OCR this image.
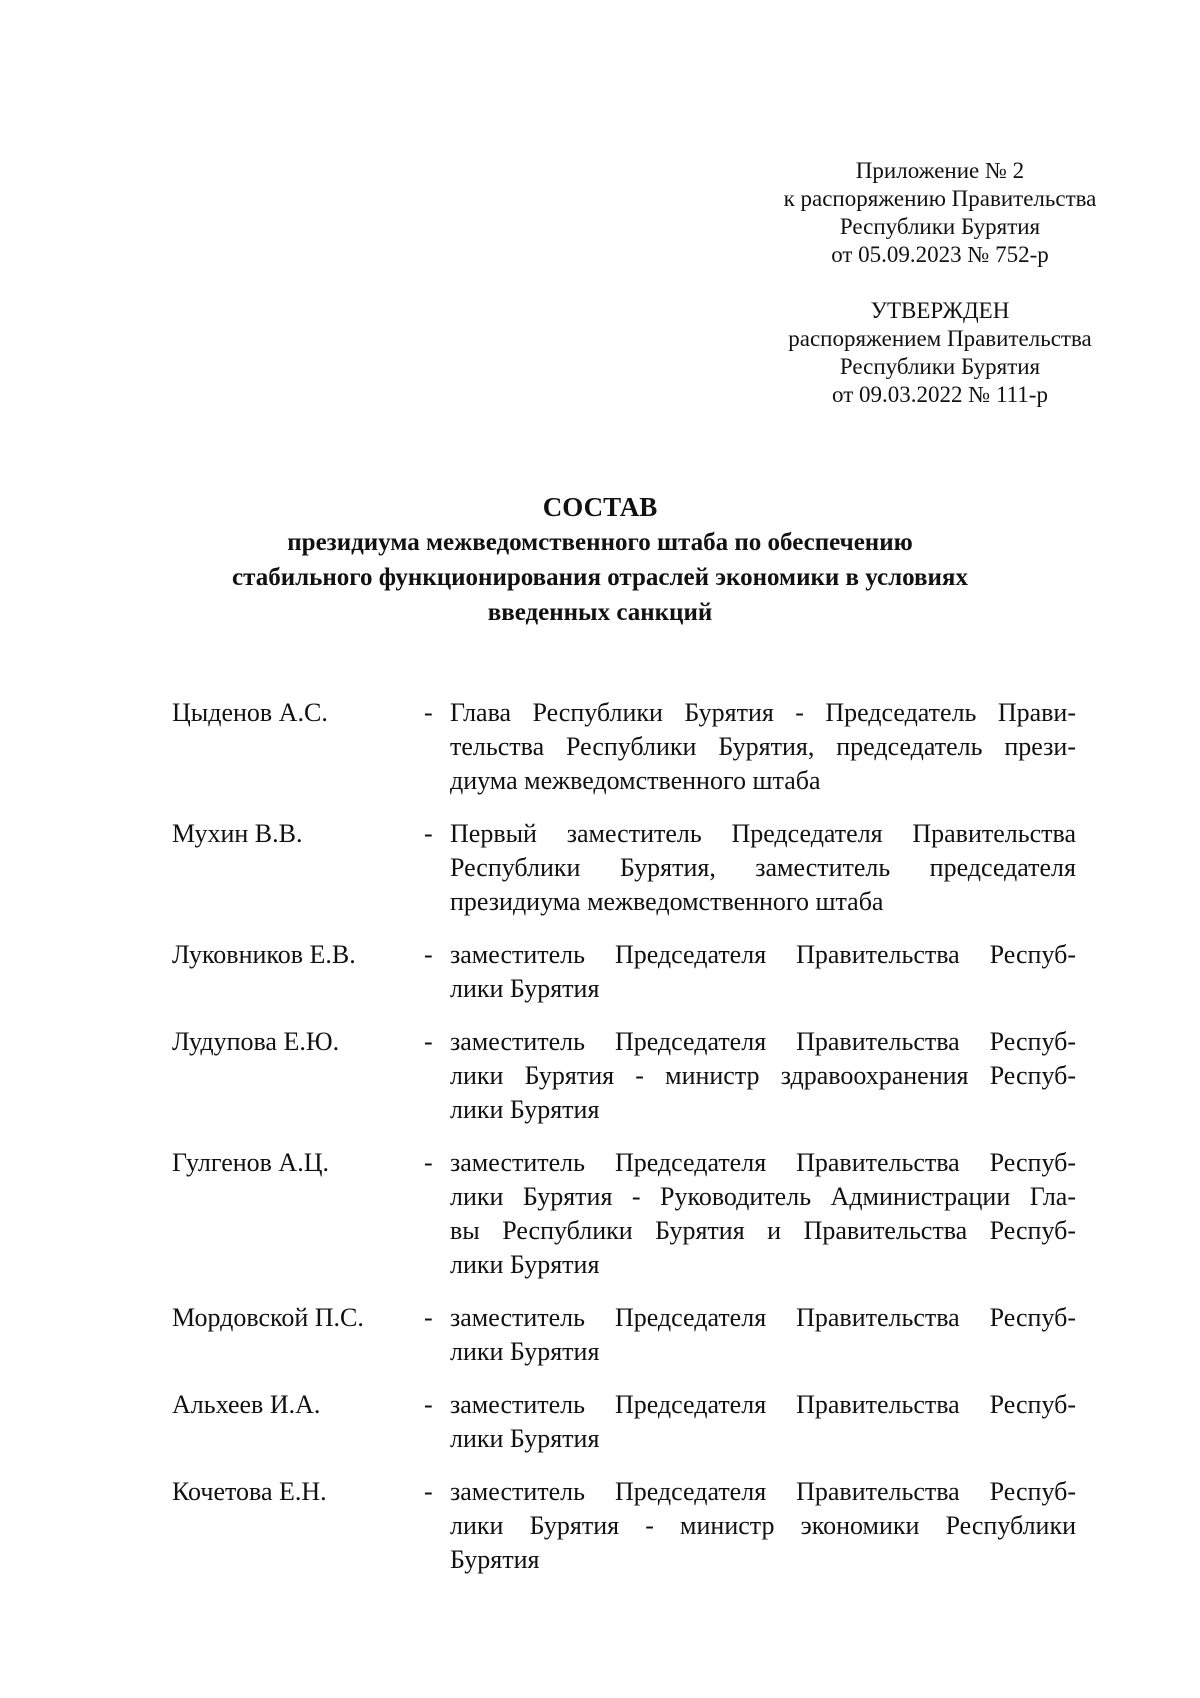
Приложение № 2
к распоряжению Правительства
Республики Бурятия
от 05.09.2023 № 752-р
УТВЕРЖДЕН
распоряжением Правительства
Республики Бурятия
от 09.03.2022 № 111-р
СОСТАВ
президиума межведомственного штаба по обеспечению
стабильного функционирования отраслей экономики в условиях
введенных санкций
Цыденов А.С.	- Глава Республики Бурятия - Председатель Прави-
тельства Республики Бурятия, председатель прези-
диума межведомственного штаба
Мухин В.В.	- Первый заместитель Председателя Правительства
Республики Бурятия, заместитель председателя
президиума межведомственного штаба
Луковников Е.В.	- заместитель Председателя Правительства Респуб-
лики Бурятия
Лудупова Е.Ю.	- заместитель Председателя Правительства Респуб-
лики Бурятия - министр здравоохранения Респуб-
лики Бурятия
Гулгенов А.Ц.	- заместитель Председателя Правительства Респуб-
лики Бурятия - Руководитель Администрации Гла-
вы Республики Бурятия и Правительства Респуб-
лики Бурятия
Мордовской П.С.	- заместитель Председателя Правительства Респуб-
лики Бурятия
Альхеев И.А.	- заместитель Председателя Правительства Респуб-
лики Бурятия
Кочетова Е.Н.	- заместитель Председателя Правительства Респуб-
лики Бурятия - министр экономики Республики
Бурятия
